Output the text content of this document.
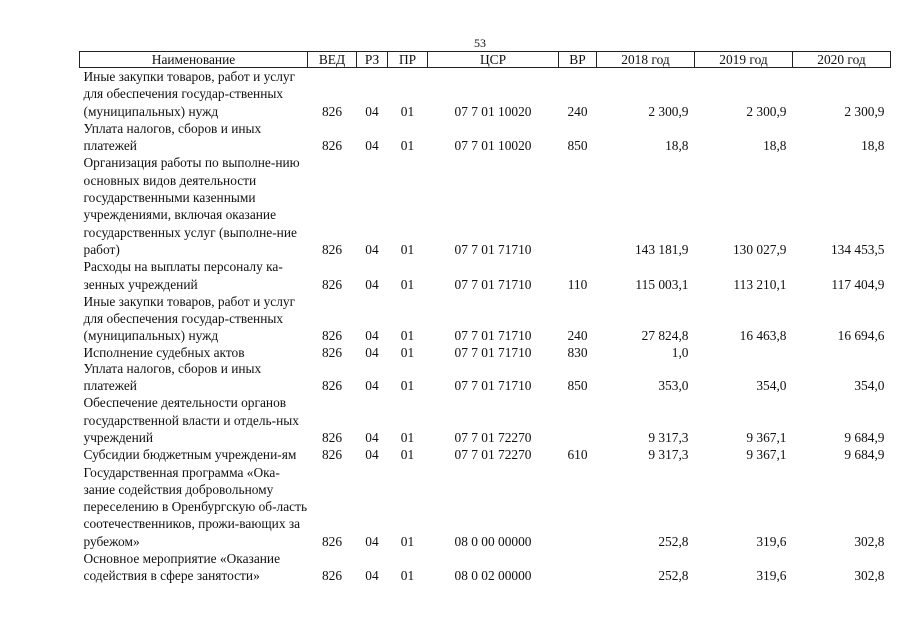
53
Наименование	ВЕД	РЗ	ПР	ЦСР	ВР	2018 год	2019 год	2020 год
Иные закупки товаров, работ и услуг для обеспечения государ-ственных (муниципальных) нужд	826	04	01	07 7 01 10020	240	2 300,9	2 300,9	2 300,9
Уплата налогов, сборов и иных платежей	826	04	01	07 7 01 10020	850	18,8	18,8	18,8
Организация работы по выполне-нию основных видов деятельности государственными казенными учреждениями, включая оказание государственных услуг (выполне-ние работ)	826	04	01	07 7 01 71710		143 181,9	130 027,9	134 453,5
Расходы на выплаты персоналу ка-зенных учреждений	826	04	01	07 7 01 71710	110	115 003,1	113 210,1	117 404,9
Иные закупки товаров, работ и услуг для обеспечения государ-ственных (муниципальных) нужд	826	04	01	07 7 01 71710	240	27 824,8	16 463,8	16 694,6
Исполнение судебных актов	826	04	01	07 7 01 71710	830	1,0		
Уплата налогов, сборов и иных платежей	826	04	01	07 7 01 71710	850	353,0	354,0	354,0
Обеспечение деятельности органов государственной власти и отдель-ных учреждений	826	04	01	07 7 01 72270		9 317,3	9 367,1	9 684,9
Субсидии бюджетным учреждени-ям	826	04	01	07 7 01 72270	610	9 317,3	9 367,1	9 684,9
Государственная программа «Ока-зание содействия добровольному переселению в Оренбургскую об-ласть соотечественников, прожи-вающих за рубежом»	826	04	01	08 0 00 00000		252,8	319,6	302,8
Основное мероприятие «Оказание содействия в сфере занятости»	826	04	01	08 0 02 00000		252,8	319,6	302,8
